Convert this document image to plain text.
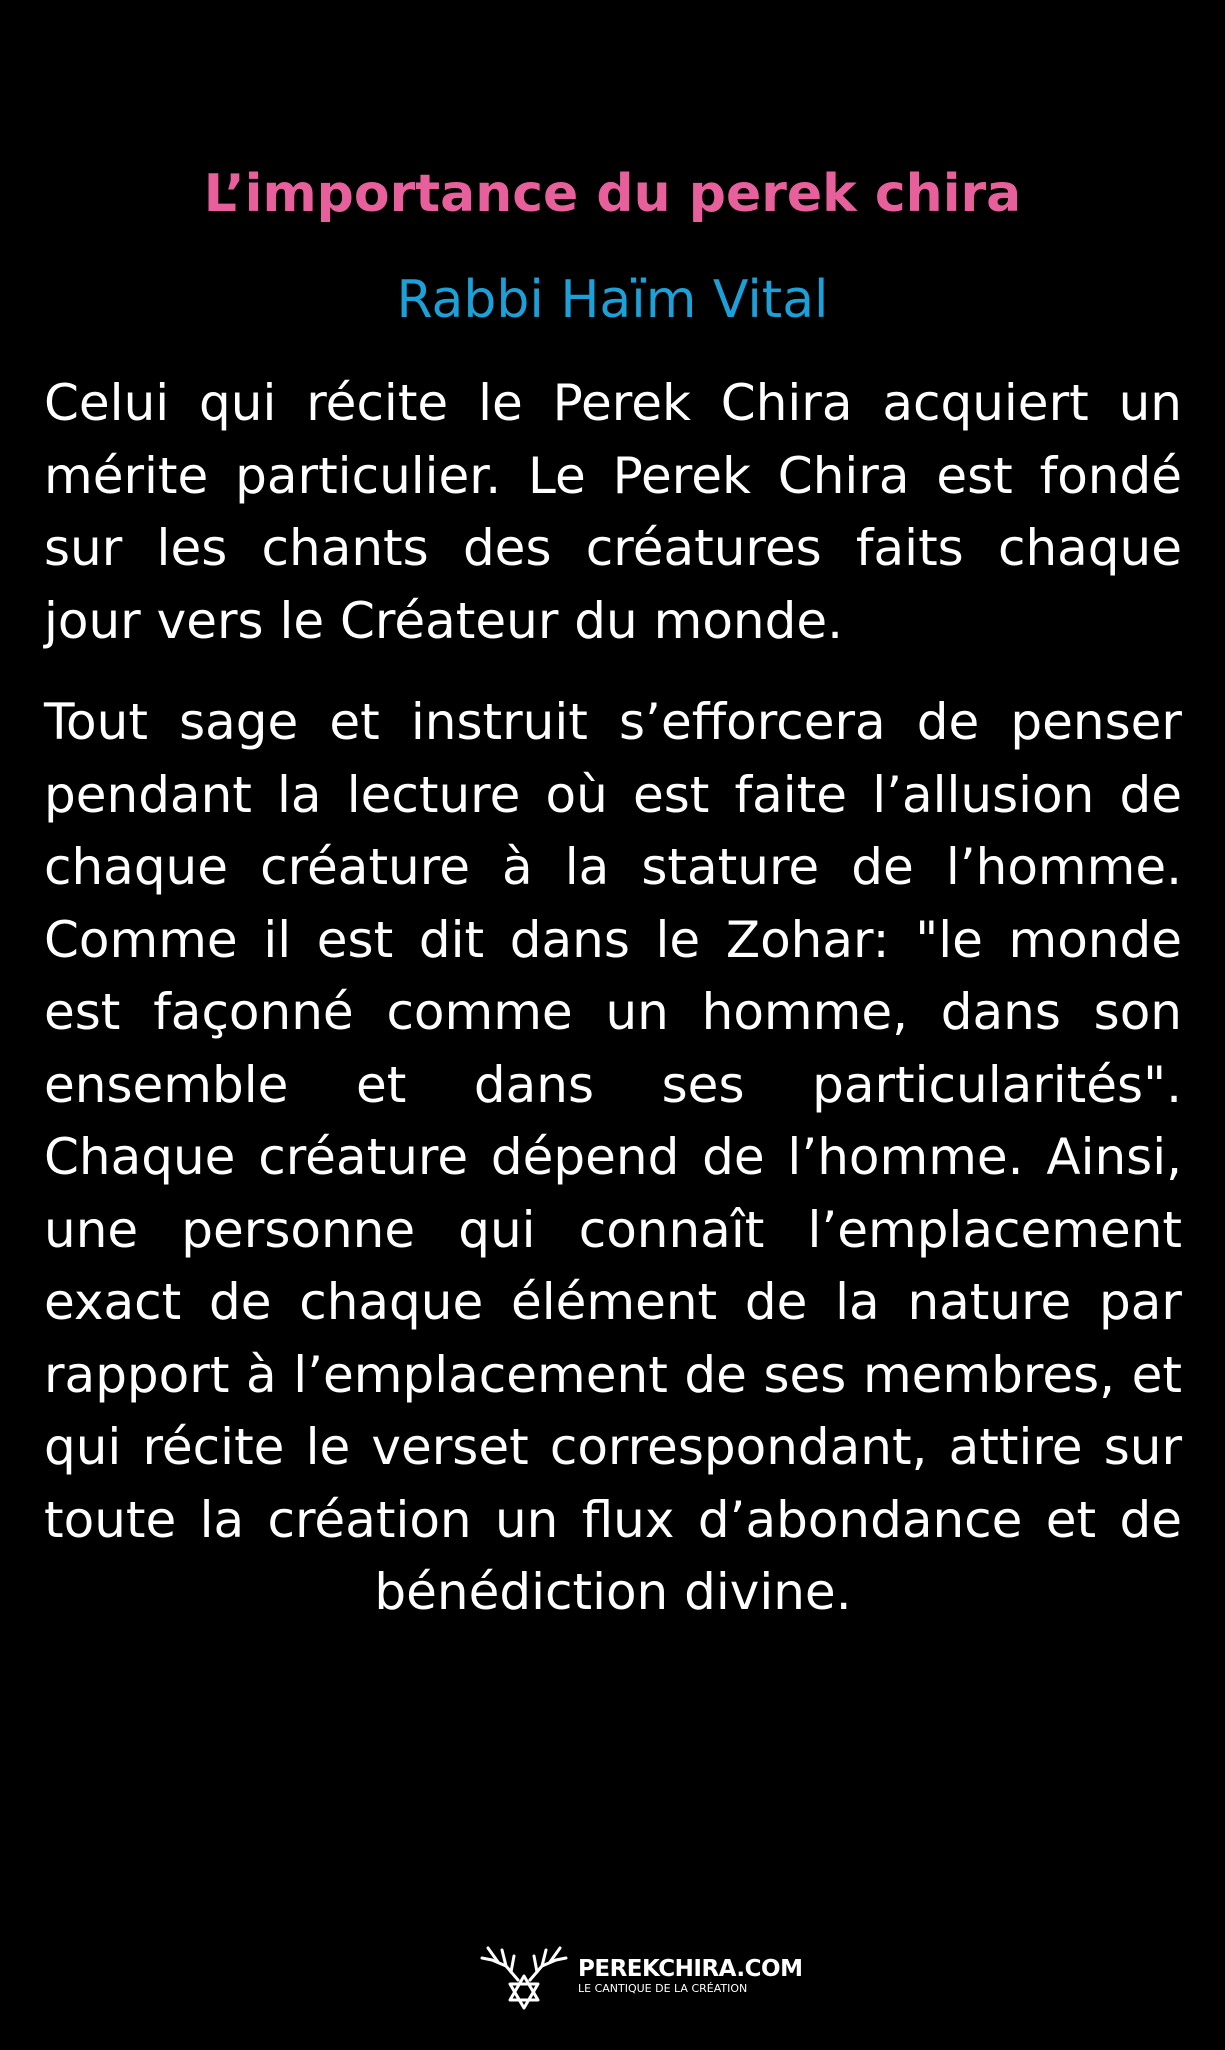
L’importance du perek chira
Rabbi Haïm Vital

Celui qui récite le Perek Chira acquiert un mérite particulier. Le Perek Chira est fondé sur les chants des créatures faits chaque jour vers le Créateur du monde.

Tout sage et instruit s’efforcera de penser pendant la lecture où est faite l’allusion de chaque créature à la stature de l’homme. Comme il est dit dans le Zohar: "le monde est façonné comme un homme, dans son ensemble et dans ses particularités". Chaque créature dépend de l’homme. Ainsi, une personne qui connaît l’emplacement exact de chaque élément de la nature par rapport à l’emplacement de ses membres, et qui récite le verset correspondant, attire sur toute la création un flux d’abondance et de bénédiction divine.

PEREKCHIRA.COM
LE CANTIQUE DE LA CRÉATION
